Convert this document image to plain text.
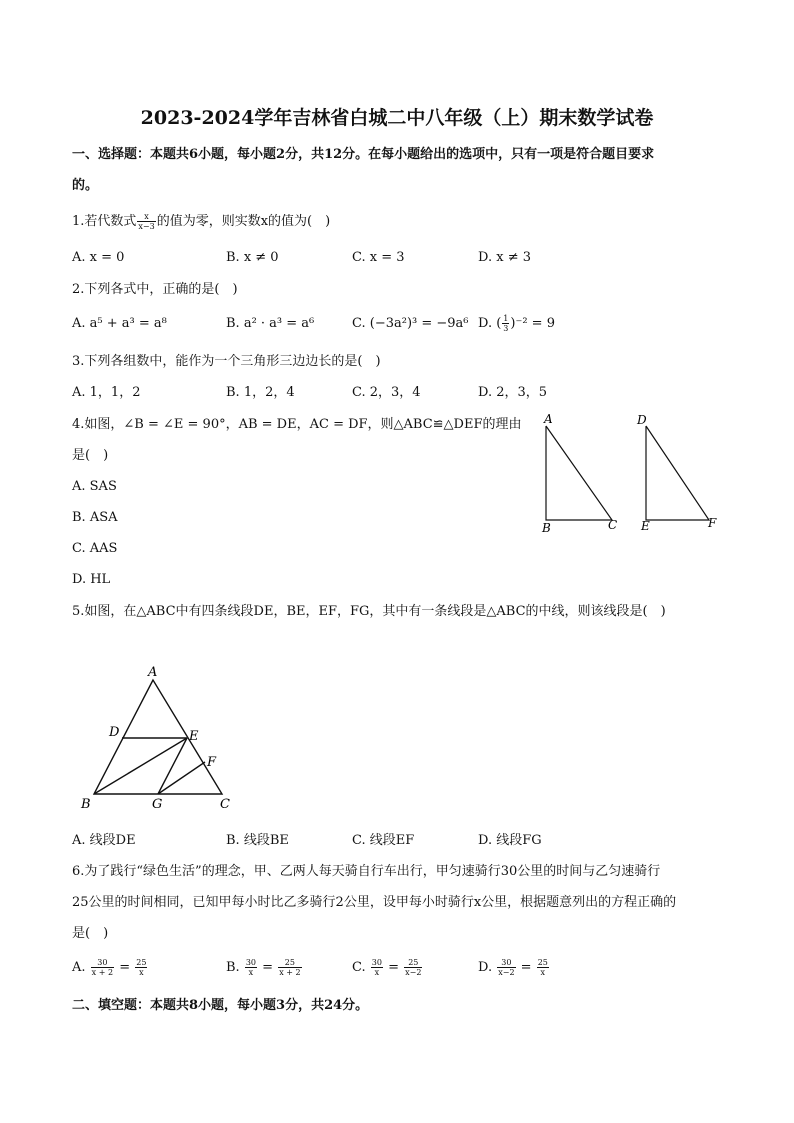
2023-2024学年吉林省白城二中八年级（上）期末数学试卷
一、选择题：本题共6小题，每小题2分，共12分。在每小题给出的选项中，只有一项是符合题目要求
的。
1.若代数式 $\frac{x}{x-3}$ 的值为零，则实数x的值为(　)
A. x = 0	B. x ≠ 0	C. x = 3	D. x ≠ 3
2.下列各式中，正确的是(　)
A. a⁵ + a³ = a⁸	B. a² · a³ = a⁶	C. (−3a²)³ = −9a⁶ D. ( $\frac{1}{3} )^{-2} = 9$
3.下列各组数中，能作为一个三角形三边边长的是(　)
A. 1，1，2	B. 1，2，4	C. 2，3，4	D. 2，3，5
4.如图，∠B = ∠E = 90°，AB = DE，AC = DF，则△ABC≌△DEF的理由
是(　)
A. SAS
B. ASA
C. AAS
D. HL
A
B	C
D
E	F
5.如图，在△ABC中有四条线段DE，BE，EF，FG，其中有一条线段是△ABC的中线，则该线段是(　)
A
D	E
F
B	G	C
A. 线段DE	B. 线段BE	C. 线段EF	D. 线段FG
6.为了践行“绿色生活”的理念，甲、乙两人每天骑自行车出行，甲匀速骑行30公里的时间与乙匀速骑行
25公里的时间相同，已知甲每小时比乙多骑行2公里，设甲每小时骑行x公里，根据题意列出的方程正确的
是(　)
A. $\frac{30}{x + 2} = \frac{25}{x}$	B. $\frac{30}{x} = \frac{25}{x + 2}$	C. $\frac{30}{x} = \frac{25}{x-2}$	D. $\frac{30}{x-2} = \frac{25}{x}$
二、填空题：本题共8小题，每小题3分，共24分。
